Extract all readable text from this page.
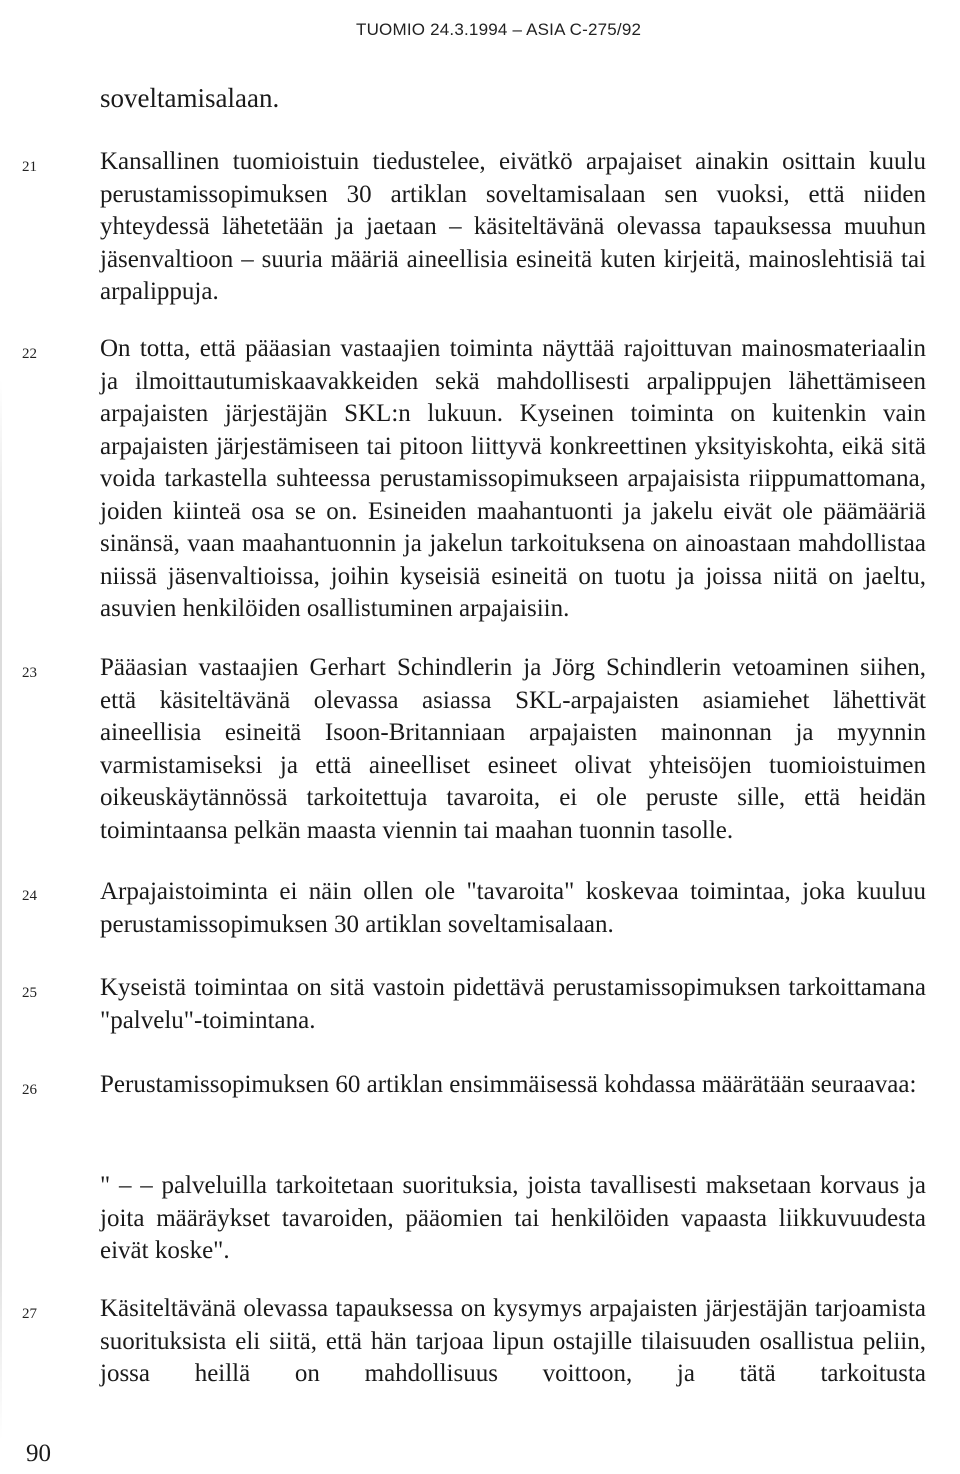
TUOMIO 24.3.1994 – ASIA C-275/92
soveltamisalaan.
21	Kansallinen tuomioistuin tiedustelee, eivätkö arpajaiset ainakin osittain kuulu perustamissopimuksen 30 artiklan soveltamisalaan sen vuoksi, että niiden yhteydessä lähetetään ja jaetaan – käsiteltävänä olevassa tapauksessa muuhun jäsenvaltioon – suuria määriä aineellisia esineitä kuten kirjeitä, mainoslehtisiä tai arpalippuja.
22	On totta, että pääasian vastaajien toiminta näyttää rajoittuvan mainosmateriaalin ja ilmoittautumiskaavakkeiden sekä mahdollisesti arpalippujen lähettämiseen arpajaisten järjestäjän SKL:n lukuun. Kyseinen toiminta on kuitenkin vain arpajaisten järjestämiseen tai pitoon liittyvä konkreettinen yksityiskohta, eikä sitä voida tarkastella suhteessa perustamissopimukseen arpajaisista riippumattomana, joiden kiinteä osa se on. Esineiden maahantuonti ja jakelu eivät ole päämääriä sinänsä, vaan maahantuonnin ja jakelun tarkoituksena on ainoastaan mahdollistaa niissä jäsenvaltioissa, joihin kyseisiä esineitä on tuotu ja joissa niitä on jaeltu, asuvien henkilöiden osallistuminen arpajaisiin.
23	Pääasian vastaajien Gerhart Schindlerin ja Jörg Schindlerin vetoaminen siihen, että käsiteltävänä olevassa asiassa SKL-arpajaisten asiamiehet lähettivät aineellisia esineitä Isoon-Britanniaan arpajaisten mainonnan ja myynnin varmistamiseksi ja että aineelliset esineet olivat yhteisöjen tuomioistuimen oikeuskäytännössä tarkoitettuja tavaroita, ei ole peruste sille, että heidän toimintaansa pelkän maasta viennin tai maahan tuonnin tasolle.
24	Arpajaistoiminta ei näin ollen ole "tavaroita" koskevaa toimintaa, joka kuuluu perustamissopimuksen 30 artiklan soveltamisalaan.
25	Kyseistä toimintaa on sitä vastoin pidettävä perustamissopimuksen tarkoittamana "palvelu"-toimintana.
26	Perustamissopimuksen 60 artiklan ensimmäisessä kohdassa määrätään seuraavaa:
" – – palveluilla tarkoitetaan suorituksia, joista tavallisesti maksetaan korvaus ja joita määräykset tavaroiden, pääomien tai henkilöiden vapaasta liikkuvuudesta eivät koske".
27	Käsiteltävänä olevassa tapauksessa on kysymys arpajaisten järjestäjän tarjoamista suorituksista eli siitä, että hän tarjoaa lipun ostajille tilaisuuden osallistua peliin, jossa heillä on mahdollisuus voittoon, ja tätä tarkoitusta
90
